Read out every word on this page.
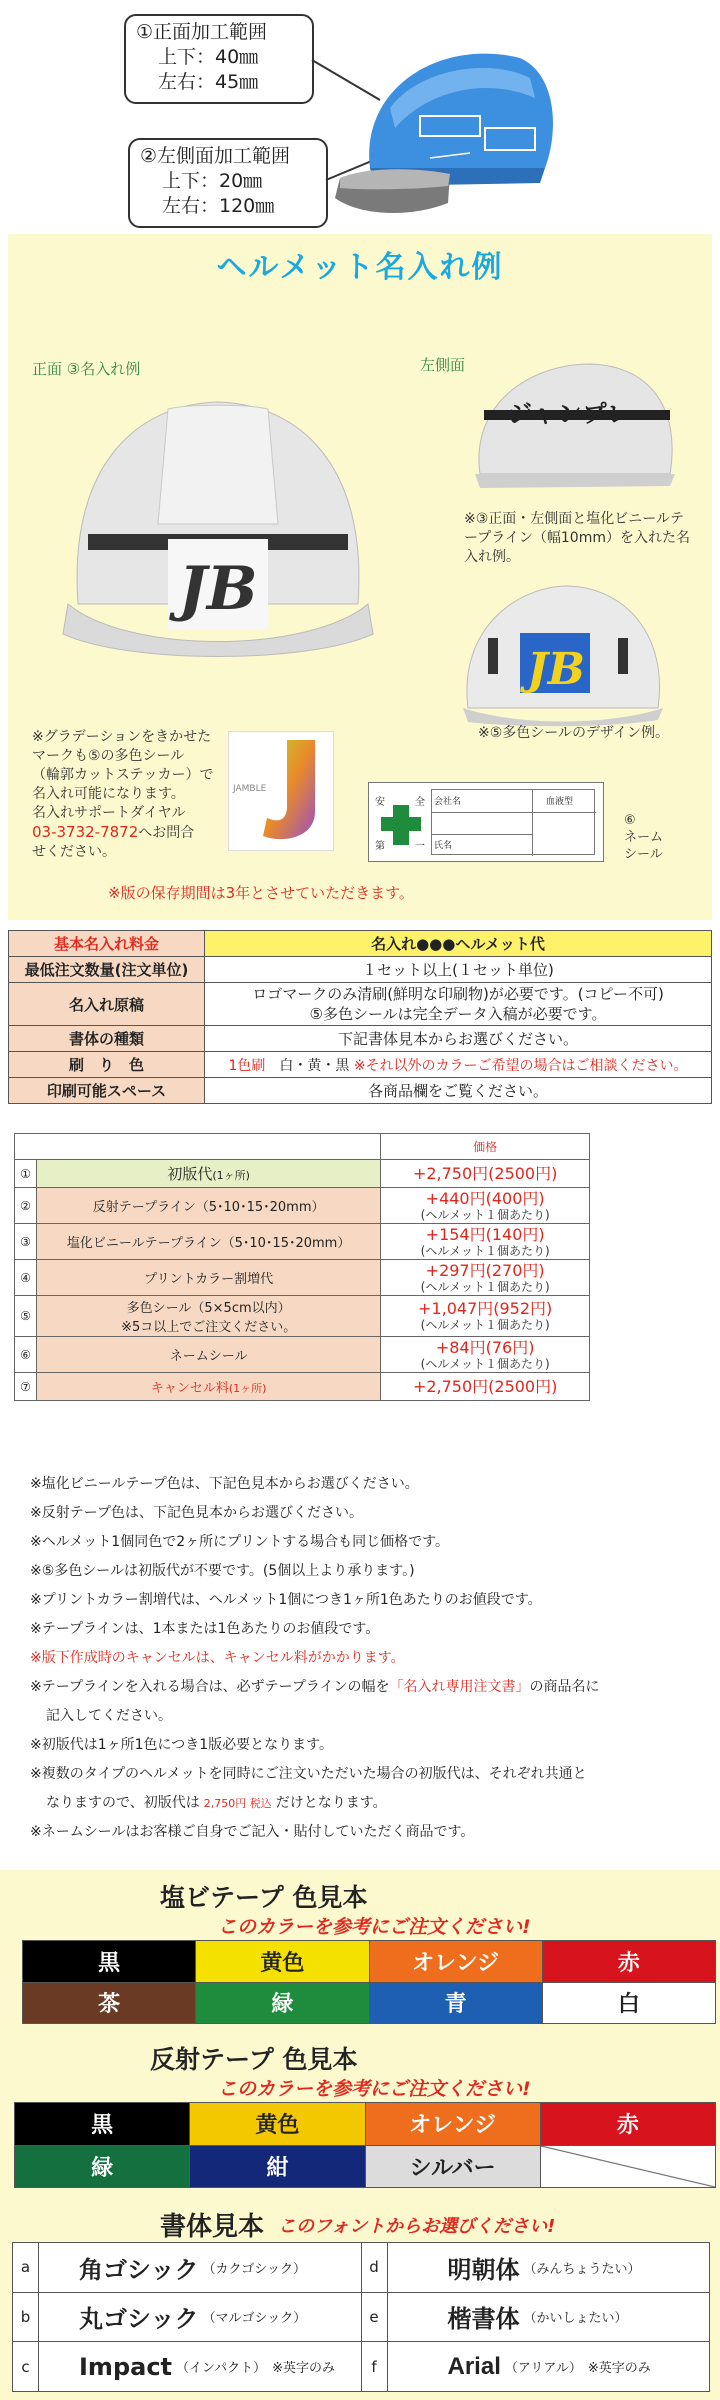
①正面加工範囲
上下：40㎜
左右：45㎜
②左側面加工範囲
上下：20㎜
左右：120㎜
ヘルメット名入れ例
正面 ③名入れ例	左側面
JB
ジャンプレ
※③正面・左側面と塩化ビニールテープライン（幅10mm）を入れた名入れ例。
JB
※⑤多色シールのデザイン例。
※グラデーションをきかせた
マークも⑤の多色シール
（輪郭カットステッカー）で
名入れ可能になります。
名入れサポートダイヤル
03-3732-7872へお問合
せください。
JAMBLE
安	全
第	一
会社名
氏名
血液型
⑥
ネーム
シール
※版の保存期間は3年とさせていただきます。
基本名入れ料金	名入れ●●●ヘルメット代
最低注文数量(注文単位)	１セット以上(１セット単位)
名入れ原稿	ロゴマークのみ清刷(鮮明な印刷物)が必要です。(コピー不可)
⑤多色シールは完全データ入稿が必要です。

書体の種類	下記書体見本からお選びください。
刷　り　色	1色刷　白・黄・黒 ※それ以外のカラーご希望の場合はご相談ください。
印刷可能スペース	各商品欄をご覧ください。
		価格
①	初版代(1ヶ所)	+2,750円(2500円)
②	反射テープライン（5･10･15･20mm）	+440円(400円)
(ヘルメット１個あたり)

③	塩化ビニールテープライン（5･10･15･20mm）	+154円(140円)
(ヘルメット１個あたり)

④	プリントカラー割増代	+297円(270円)
(ヘルメット１個あたり)

⑤	多色シール（5×5cm以内）
※5コ以上でご注文ください。	+1,047円(952円)
(ヘルメット１個あたり)

⑥	ネームシール	+84円(76円)
(ヘルメット１個あたり)

⑦	キャンセル料(1ヶ所)	+2,750円(2500円)
※塩化ビニールテープ色は、下記色見本からお選びください。
※反射テープ色は、下記色見本からお選びください。
※ヘルメット1個同色で2ヶ所にプリントする場合も同じ価格です。
※⑤多色シールは初版代が不要です。(5個以上より承ります。)
※プリントカラー割増代は、ヘルメット1個につき1ヶ所1色あたりのお値段です。
※テープラインは、1本または1色あたりのお値段です。
※版下作成時のキャンセルは、キャンセル料がかかります。
※テープラインを入れる場合は、必ずテープラインの幅を「名入れ専用注文書」の商品名に
記入してください。
※初版代は1ヶ所1色につき1版必要となります。
※複数のタイプのヘルメットを同時にご注文いただいた場合の初版代は、それぞれ共通と
なりますので、初版代は 2,750円 税込 だけとなります。
※ネームシールはお客様ご自身でご記入・貼付していただく商品です。
塩ビテープ 色見本
このカラーを参考にご注文ください!
黒	黄色	オレンジ	赤
茶	緑	青	白
反射テープ 色見本
このカラーを参考にご注文ください!
黒	黄色	オレンジ	赤
緑	紺	シルバー
書体見本 このフォントからお選びください!
a	角ゴシック （カクゴシック）	d	明朝体 （みんちょうたい）
b	丸ゴシック （マルゴシック）	e	楷書体 （かいしょたい）
c	Impact （インパクト） ※英字のみ	f	Arial （アリアル） ※英字のみ
